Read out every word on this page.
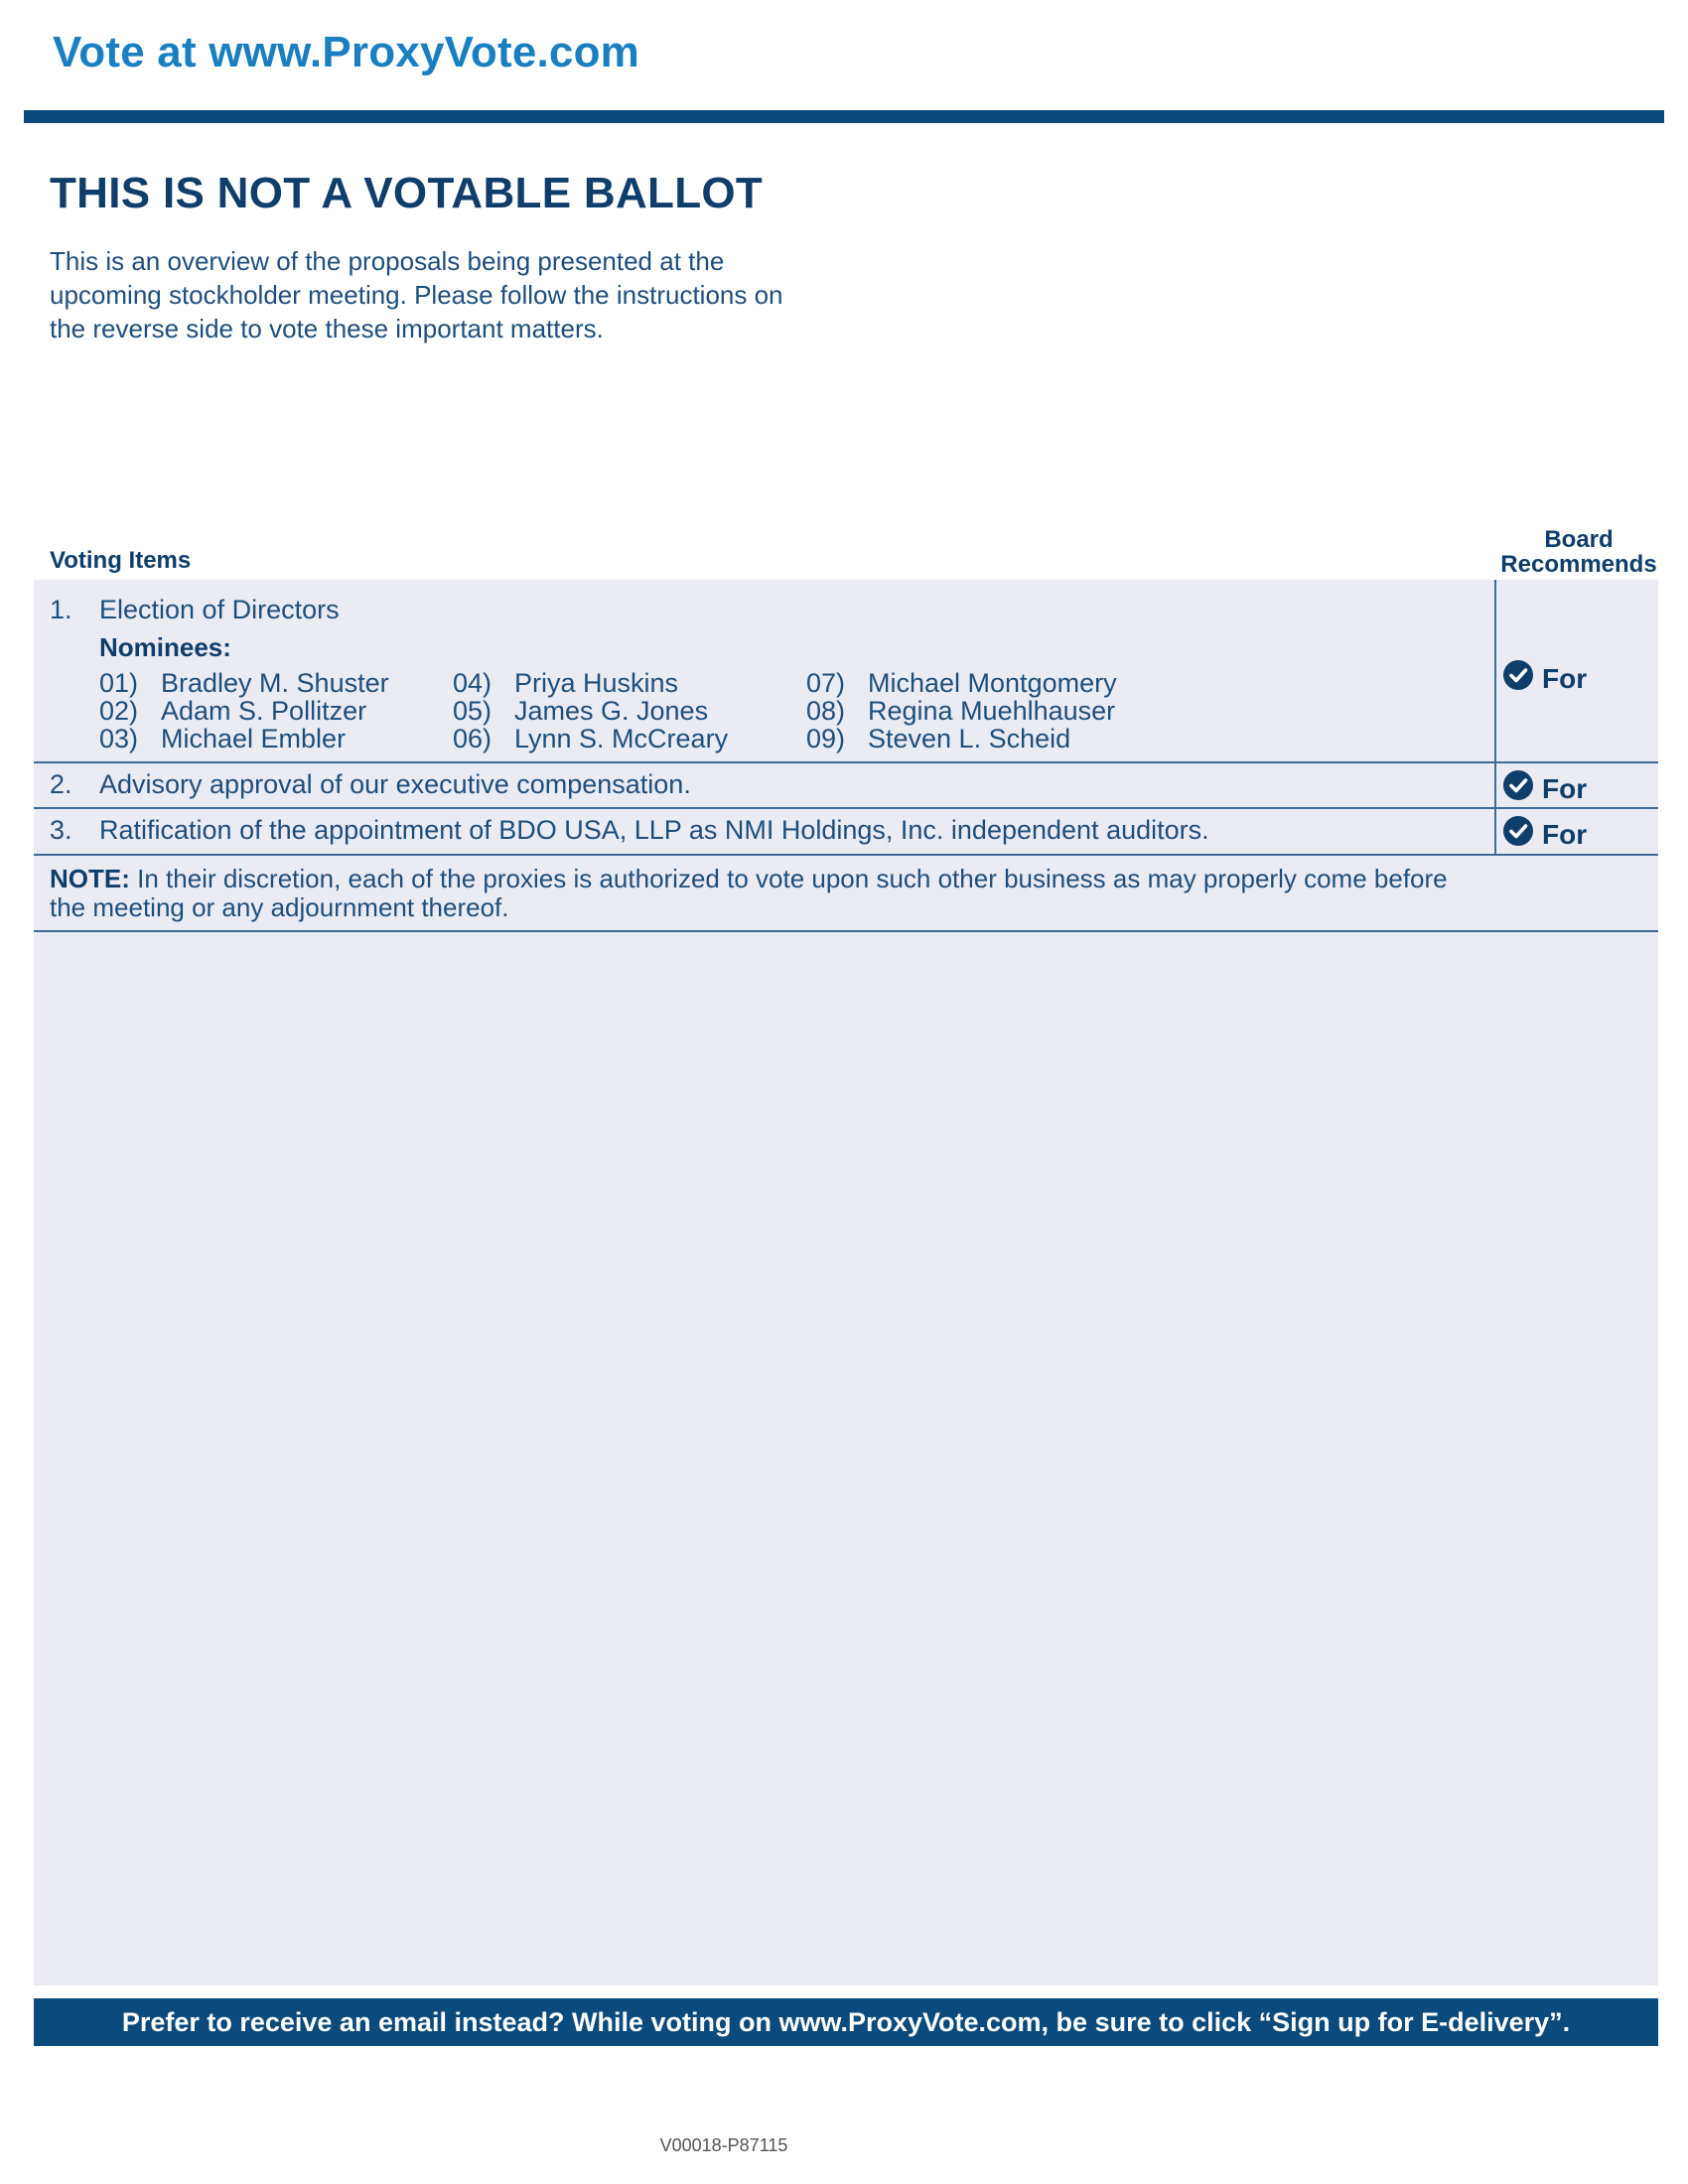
Vote at www.ProxyVote.com
THIS IS NOT A VOTABLE BALLOT
This is an overview of the proposals being presented at the
upcoming stockholder meeting. Please follow the instructions on
the reverse side to vote these important matters.
Voting Items
Board
Recommends
1. Election of Directors
Nominees:
01) Bradley M. Shuster
02) Adam S. Pollitzer
03) Michael Embler
04) Priya Huskins
05) James G. Jones
06) Lynn S. McCreary
07) Michael Montgomery
08) Regina Muehlhauser
09) Steven L. Scheid
For
2. Advisory approval of our executive compensation.	For
3. Ratification of the appointment of BDO USA, LLP as NMI Holdings, Inc. independent auditors.	For
NOTE: In their discretion, each of the proxies is authorized to vote upon such other business as may properly come before
the meeting or any adjournment thereof.
Prefer to receive an email instead? While voting on www.ProxyVote.com, be sure to click “Sign up for E-delivery”.
V00018-P87115
